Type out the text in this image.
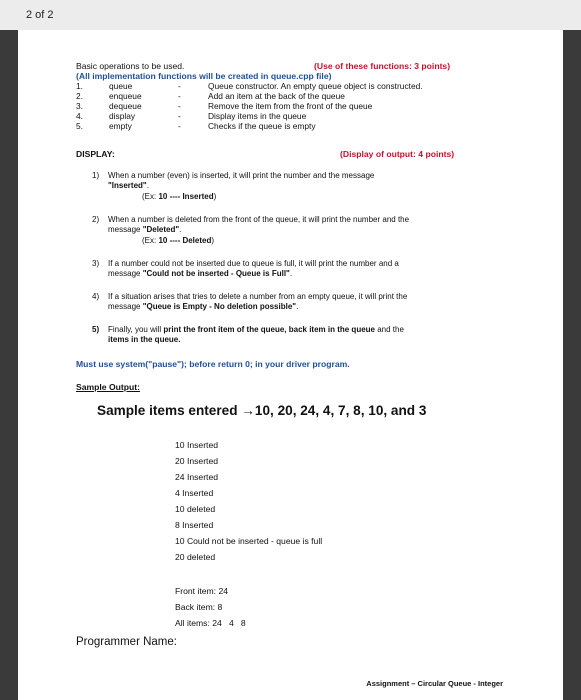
2 of 2
Basic operations to be used.	(Use of these functions: 3 points)
(All implementation functions will be created in queue.cpp file)
1.	queue	-	Queue constructor. An empty queue object is constructed.
2.	enqueue	-	Add an item at the back of the queue
3.	dequeue	-	Remove the item from the front of the queue
4.	display	-	Display items in the queue
5.	empty	-	Checks if the queue is empty
DISPLAY:	(Display of output: 4 points)
1) When a number (even) is inserted, it will print the number and the message
"Inserted".
(Ex: 10 ---- Inserted)
2) When a number is deleted from the front of the queue, it will print the number and the
message "Deleted".
(Ex: 10 ---- Deleted)
3) If a number could not be inserted due to queue is full, it will print the number and a
message "Could not be inserted - Queue is Full".
4) If a situation arises that tries to delete a number from an empty queue, it will print the
message "Queue is Empty - No deletion possible".
5) Finally, you will print the front item of the queue, back item in the queue and the
items in the queue.
Must use system("pause"); before return 0; in your driver program.
Sample Output:
Sample items entered →10, 20, 24, 4, 7, 8, 10, and 3
10 Inserted
20 Inserted
24 Inserted
4 Inserted
10 deleted
8 Inserted
10 Could not be inserted - queue is full
20 deleted
Front item: 24
Back item: 8
All items: 24   4   8
Programmer Name:
Assignment – Circular Queue - Integer
